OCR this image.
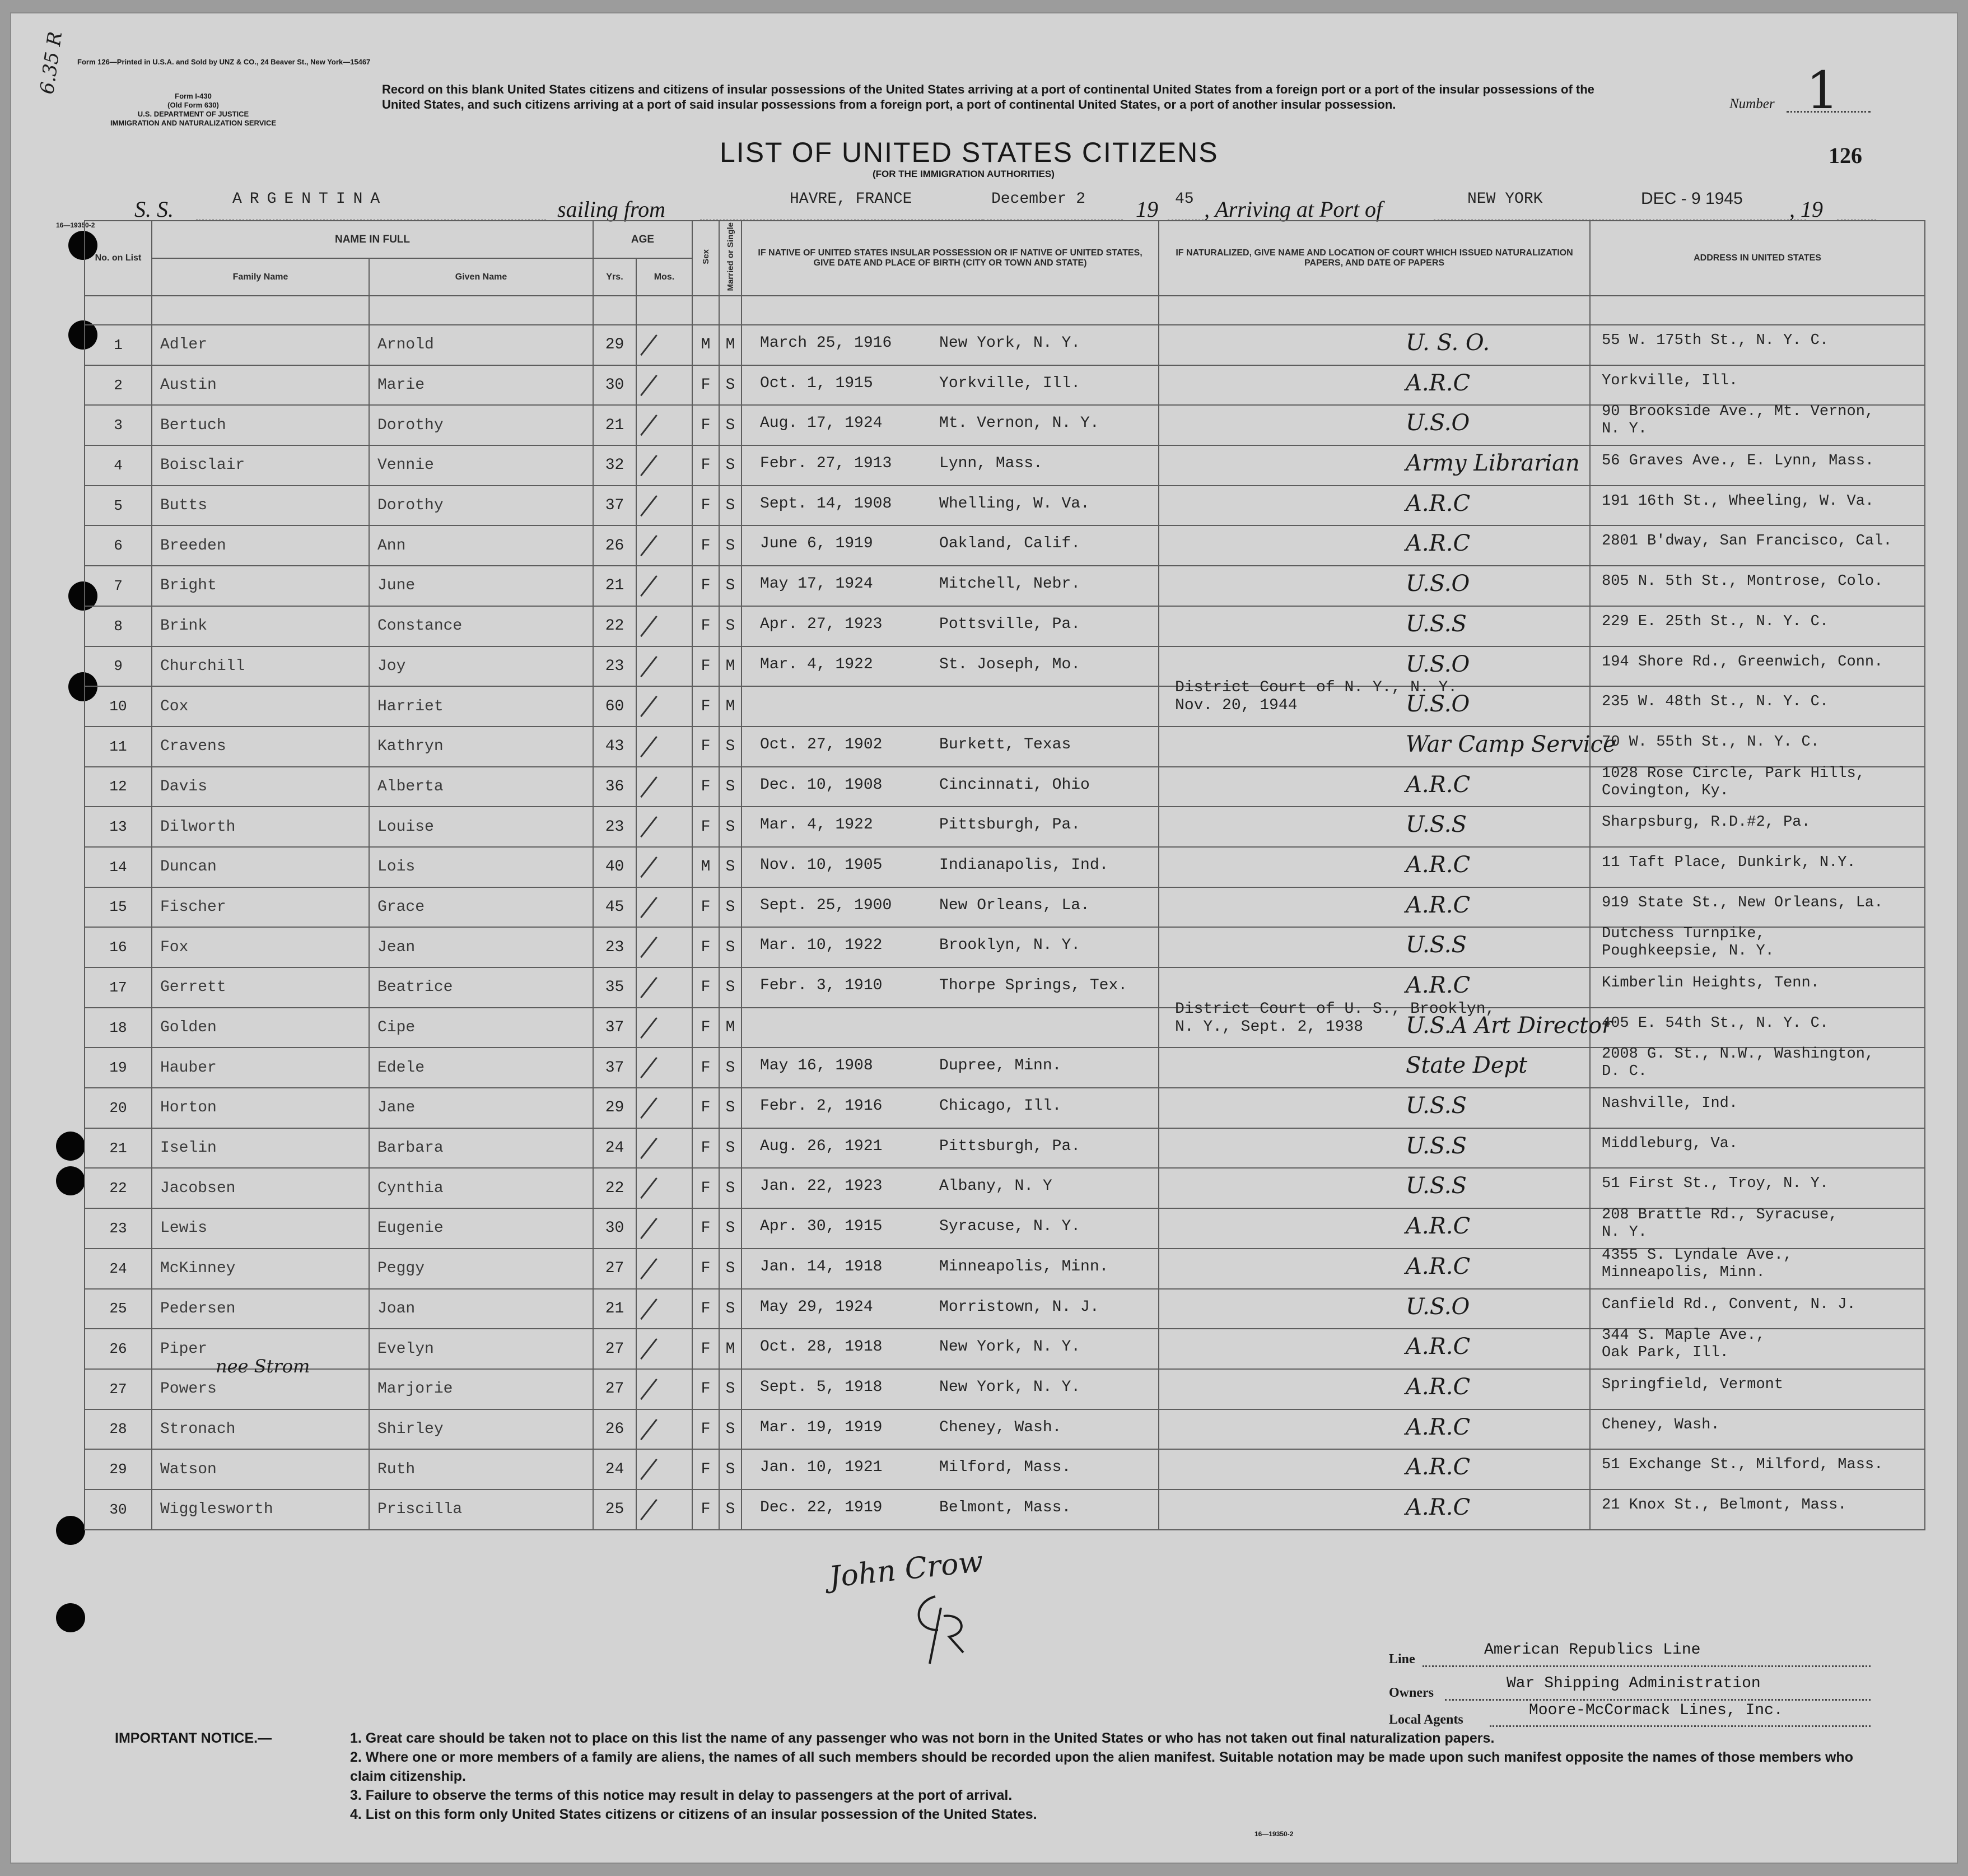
Form 126—Printed in U.S.A. and Sold by UNZ & CO., 24 Beaver St., New York—15467
6.35 R
Form I-430
(Old Form 630)
U.S. DEPARTMENT OF JUSTICE
IMMIGRATION AND NATURALIZATION SERVICE
Record on this blank United States citizens and citizens of insular possessions of the United States arriving at a port of continental United States from a foreign port or a port of the insular possessions of the United States, and such citizens arriving at a port of said insular possessions from a foreign port, a port of continental United States, or a port of another insular possession.	Number 1
LIST OF UNITED STATES CITIZENS
(FOR THE IMMIGRATION AUTHORITIES)
126
S. S.	ARGENTINA	sailing from	HAVRE, FRANCE	December 2 19 45 , Arriving at Port of	NEW YORK	DEC - 9 1945 , 19
16—19350-2
No. on List	NAME IN FULL		AGE		Sex	Married or Single	IF NATIVE OF UNITED STATES INSULAR POSSESSION OR IF NATIVE OF UNITED STATES, GIVE DATE AND PLACE OF BIRTH (CITY OR TOWN AND STATE)	IF NATURALIZED, GIVE NAME AND LOCATION OF COURT WHICH ISSUED NATURALIZATION PAPERS, AND DATE OF PAPERS	ADDRESS IN UNITED STATES
	Family Name	Given Name	Yrs.	Mos.					

1	Adler	Arnold	29		M	M	March 25, 1916 New York, N. Y.	U. S. O.	55 W. 175th St., N. Y. C.

2	Austin	Marie	30		F	S	Oct. 1, 1915 Yorkville, Ill.	A.R.C	Yorkville, Ill.

3	Bertuch	Dorothy	21		F	S	Aug. 17, 1924 Mt. Vernon, N. Y.	U.S.O	90 Brookside Ave., Mt. Vernon,
N. Y.

4	Boisclair	Vennie	32		F	S	Febr. 27, 1913 Lynn, Mass.	Army Librarian	56 Graves Ave., E. Lynn, Mass.

5	Butts	Dorothy	37		F	S	Sept. 14, 1908 Whelling, W. Va.	A.R.C	191 16th St., Wheeling, W. Va.

6	Breeden	Ann	26		F	S	June 6, 1919 Oakland, Calif.	A.R.C	2801 B'dway, San Francisco, Cal.

7	Bright	June	21		F	S	May 17, 1924 Mitchell, Nebr.	U.S.O	805 N. 5th St., Montrose, Colo.

8	Brink	Constance	22		F	S	Apr. 27, 1923 Pottsville, Pa.	U.S.S	229 E. 25th St., N. Y. C.

9	Churchill	Joy	23		F	M	Mar. 4, 1922 St. Joseph, Mo.	U.S.O	194 Shore Rd., Greenwich, Conn.

10	Cox	Harriet	60		F	M		District Court of N. Y., N. Y.
Nov. 20, 1944 U.S.O	235 W. 48th St., N. Y. C.

11	Cravens	Kathryn	43		F	S	Oct. 27, 1902 Burkett, Texas	War Camp Service	70 W. 55th St., N. Y. C.

12	Davis	Alberta	36		F	S	Dec. 10, 1908 Cincinnati, Ohio	A.R.C	1028 Rose Circle, Park Hills,
Covington, Ky.

13	Dilworth	Louise	23		F	S	Mar. 4, 1922 Pittsburgh, Pa.	U.S.S	Sharpsburg, R.D.#2, Pa.

14	Duncan	Lois	40		M	S	Nov. 10, 1905 Indianapolis, Ind.	A.R.C	11 Taft Place, Dunkirk, N.Y.

15	Fischer	Grace	45		F	S	Sept. 25, 1900 New Orleans, La.	A.R.C	919 State St., New Orleans, La.

16	Fox	Jean	23		F	S	Mar. 10, 1922 Brooklyn, N. Y.	U.S.S	Dutchess Turnpike,
Poughkeepsie, N. Y.

17	Gerrett	Beatrice	35		F	S	Febr. 3, 1910 Thorpe Springs, Tex.	A.R.C	Kimberlin Heights, Tenn.

18	Golden	Cipe	37		F	M		District Court of U. S., Brooklyn,
N. Y., Sept. 2, 1938 U.S.A Art Director	405 E. 54th St., N. Y. C.

19	Hauber	Edele	37		F	S	May 16, 1908 Dupree, Minn.	State Dept	2008 G. St., N.W., Washington,
D. C.

20	Horton	Jane	29		F	S	Febr. 2, 1916 Chicago, Ill.	U.S.S	Nashville, Ind.

21	Iselin	Barbara	24		F	S	Aug. 26, 1921 Pittsburgh, Pa.	U.S.S	Middleburg, Va.

22	Jacobsen	Cynthia	22		F	S	Jan. 22, 1923 Albany, N. Y	U.S.S	51 First St., Troy, N. Y.

23	Lewis	Eugenie	30		F	S	Apr. 30, 1915 Syracuse, N. Y.	A.R.C	208 Brattle Rd., Syracuse,
N. Y.

24	McKinney	Peggy	27		F	S	Jan. 14, 1918 Minneapolis, Minn.	A.R.C	4355 S. Lyndale Ave.,
Minneapolis, Minn.

25	Pedersen	Joan	21		F	S	May 29, 1924 Morristown, N. J.	U.S.O	Canfield Rd., Convent, N. J.

26	Piper	Evelyn	27		F	M	Oct. 28, 1918 New York, N. Y.	A.R.C	344 S. Maple Ave.,
Oak Park, Ill.

27	Powers	Marjorie	27		F	S	Sept. 5, 1918 New York, N. Y.	A.R.C	Springfield, Vermont

28	Stronach	Shirley	26		F	S	Mar. 19, 1919 Cheney, Wash.	A.R.C	Cheney, Wash.

29	Watson	Ruth	24		F	S	Jan. 10, 1921 Milford, Mass.	A.R.C	51 Exchange St., Milford, Mass.

30	Wigglesworth	Priscilla	25		F	S	Dec. 22, 1919 Belmont, Mass.	A.R.C	21 Knox St., Belmont, Mass.
nee Strom
John Crow
Line
American Republics Line
Owners
War Shipping Administration
Local Agents
Moore-McCormack Lines, Inc.
IMPORTANT NOTICE.—	1. Great care should be taken not to place on this list the name of any passenger who was not born in the United States or who has not taken out final naturalization papers.
2. Where one or more members of a family are aliens, the names of all such members should be recorded upon the alien manifest. Suitable notation may be made upon such manifest opposite the names of those members who claim citizenship.
3. Failure to observe the terms of this notice may result in delay to passengers at the port of arrival.
4. List on this form only United States citizens or citizens of an insular possession of the United States.
16—19350-2
